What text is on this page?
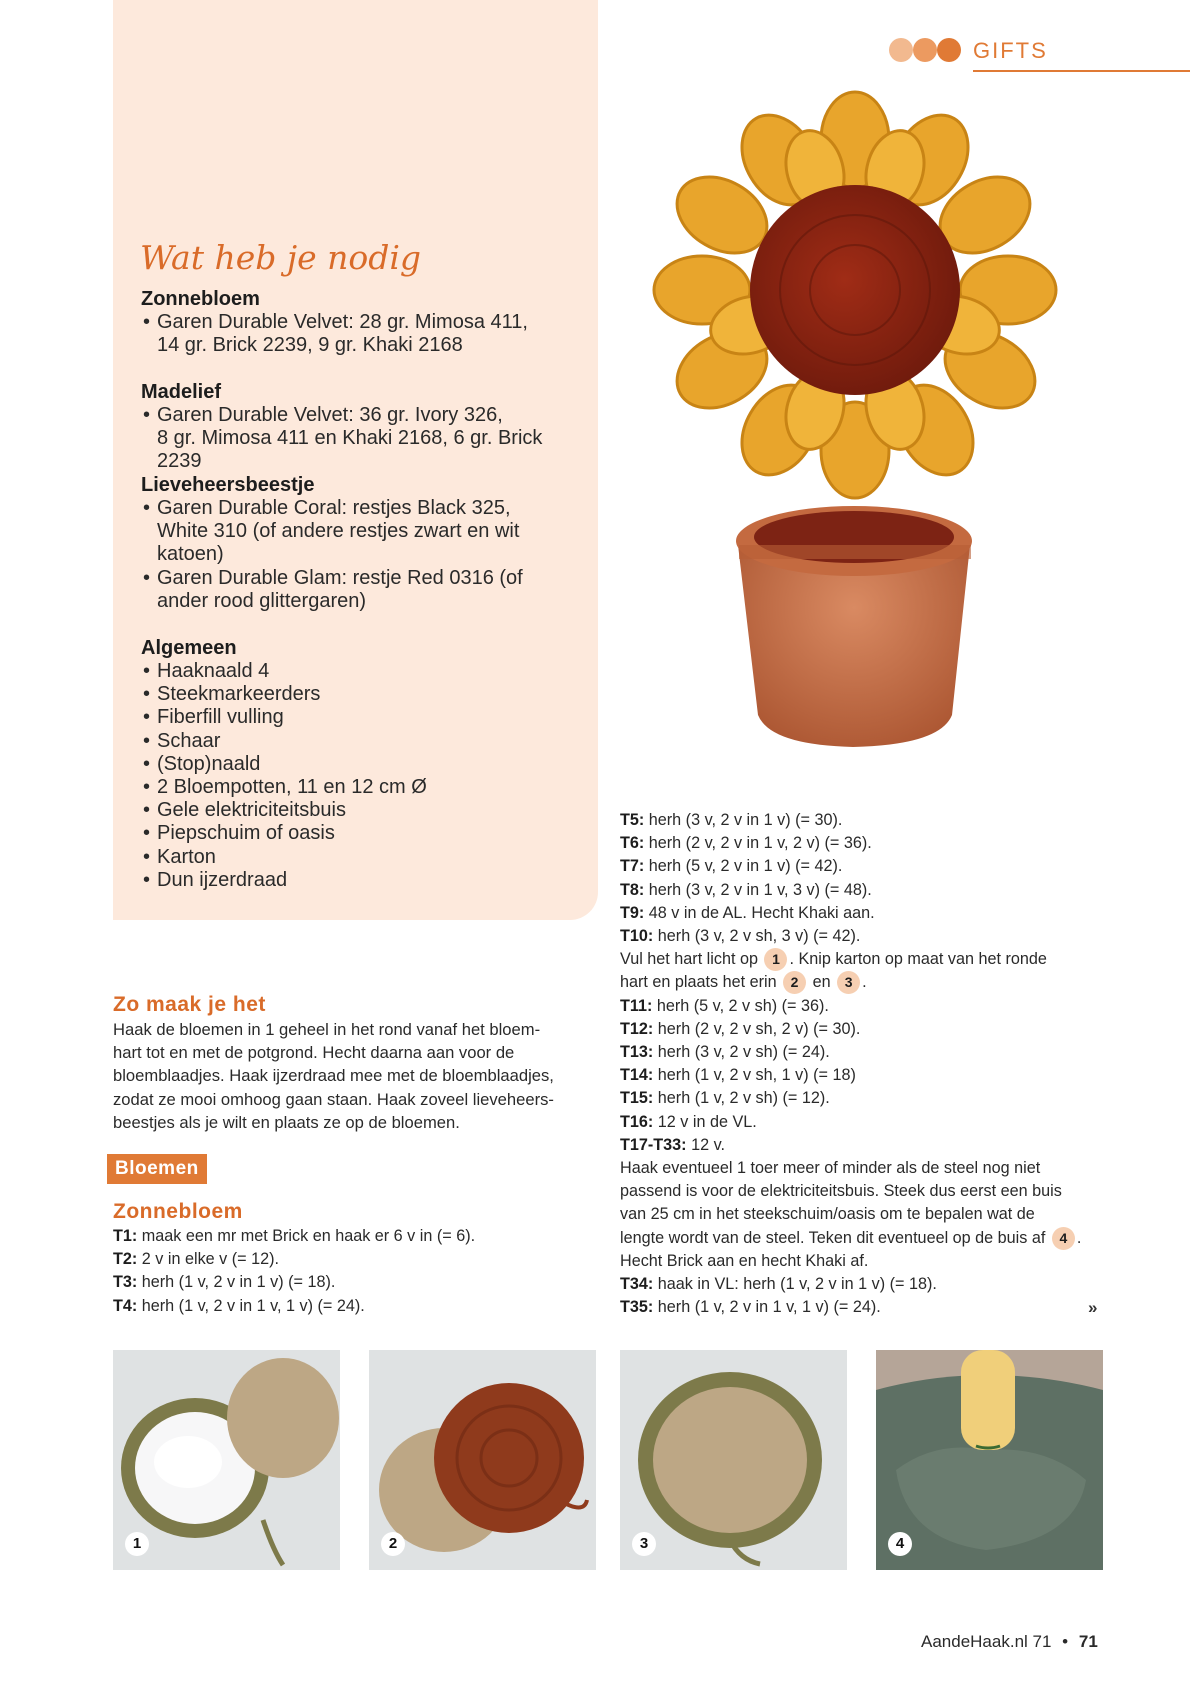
GIFTS
Wat heb je nodig
Zonnebloem
• Garen Durable Velvet: 28 gr. Mimosa 411,
14 gr. Brick 2239, 9 gr. Khaki 2168
Madelief
• Garen Durable Velvet: 36 gr. Ivory 326,
8 gr. Mimosa 411 en Khaki 2168, 6 gr. Brick 2239
Lieveheersbeestje
• Garen Durable Coral: restjes Black 325,
White 310 (of andere restjes zwart en wit
katoen)
• Garen Durable Glam: restje Red 0316 (of
ander rood glittergaren)
Algemeen
• Haaknaald 4
• Steekmarkeerders
• Fiberfill vulling
• Schaar
• (Stop)naald
• 2 Bloempotten, 11 en 12 cm Ø
• Gele elektriciteitsbuis
• Piepschuim of oasis
• Karton
• Dun ijzerdraad
Zo maak je het
Haak de bloemen in 1 geheel in het rond vanaf het bloem-
hart tot en met de potgrond. Hecht daarna aan voor de
bloemblaadjes. Haak ijzerdraad mee met de bloemblaadjes,
zodat ze mooi omhoog gaan staan. Haak zoveel lieveheers-
beestjes als je wilt en plaats ze op de bloemen.
Bloemen
Zonnebloem
T1: maak een mr met Brick en haak er 6 v in (= 6).
T2: 2 v in elke v (= 12).
T3: herh (1 v, 2 v in 1 v) (= 18).
T4: herh (1 v, 2 v in 1 v, 1 v) (= 24).
T5: herh (3 v, 2 v in 1 v) (= 30).
T6: herh (2 v, 2 v in 1 v, 2 v) (= 36).
T7: herh (5 v, 2 v in 1 v) (= 42).
T8: herh (3 v, 2 v in 1 v, 3 v) (= 48).
T9: 48 v in de AL. Hecht Khaki aan.
T10: herh (3 v, 2 v sh, 3 v) (= 42).
Vul het hart licht op 1 . Knip karton op maat van het ronde
hart en plaats het erin 2 en 3 .
T11: herh (5 v, 2 v sh) (= 36).
T12: herh (2 v, 2 v sh, 2 v) (= 30).
T13: herh (3 v, 2 v sh) (= 24).
T14: herh (1 v, 2 v sh, 1 v) (= 18)
T15: herh (1 v, 2 v sh) (= 12).
T16: 12 v in de VL.
T17-T33: 12 v.
Haak eventueel 1 toer meer of minder als de steel nog niet
passend is voor de elektriciteitsbuis. Steek dus eerst een buis
van 25 cm in het steekschuim/oasis om te bepalen wat de
lengte wordt van de steel. Teken dit eventueel op de buis af 4 .
Hecht Brick aan en hecht Khaki af.
T34: haak in VL: herh (1 v, 2 v in 1 v) (= 18).
T35: herh (1 v, 2 v in 1 v, 1 v) (= 24).	»
1	2	3	4
AandeHaak.nl 71 • 71
